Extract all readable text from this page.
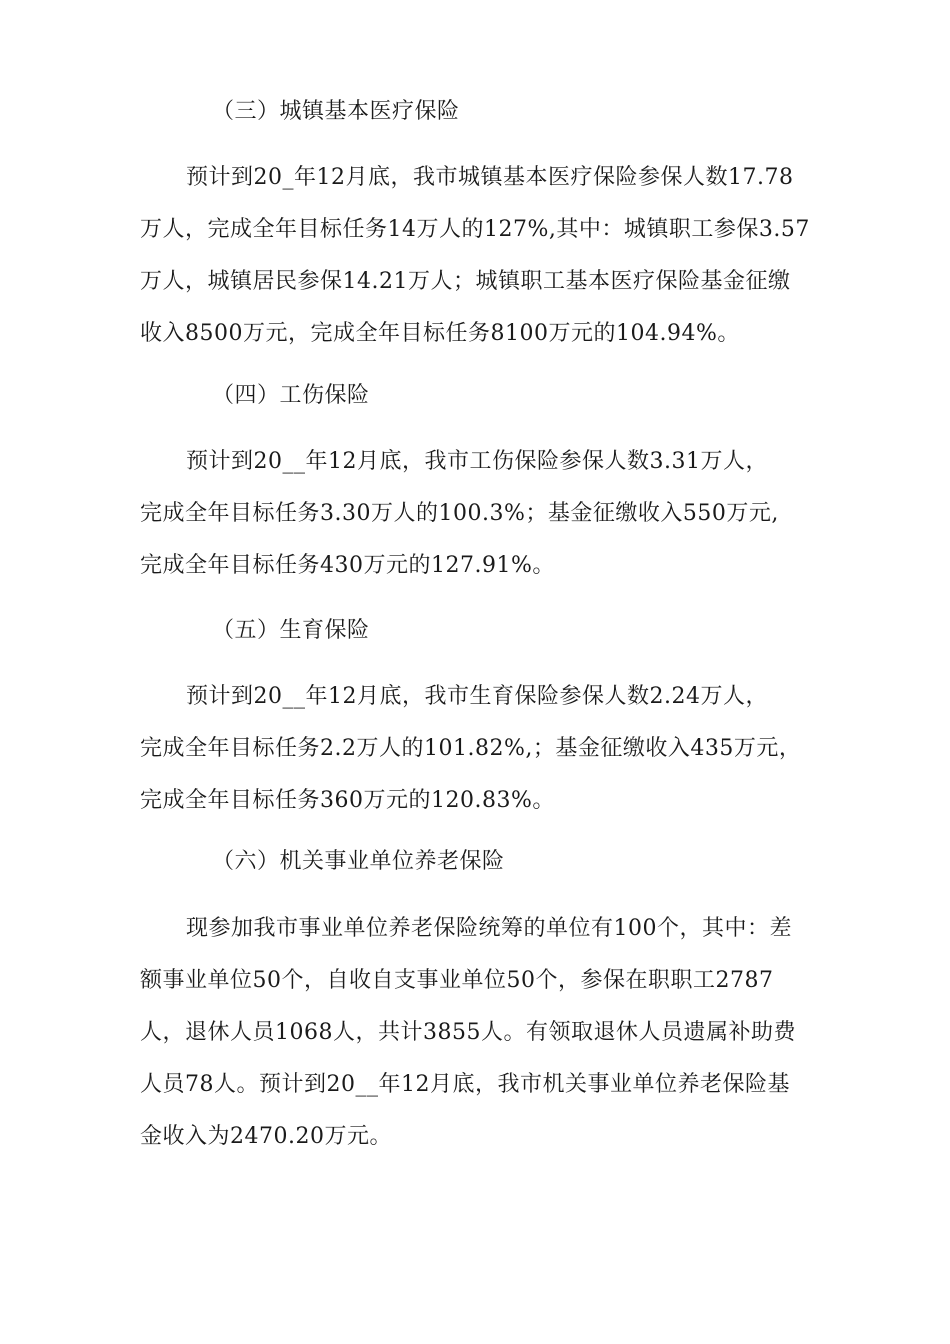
（三）城镇基本医疗保险
预计到20_年12月底，我市城镇基本医疗保险参保人数17.78
万人，完成全年目标任务14万人的127%,其中：城镇职工参保3.57
万人，城镇居民参保14.21万人；城镇职工基本医疗保险基金征缴
收入8500万元，完成全年目标任务8100万元的104.94%。
（四）工伤保险
预计到20__年12月底，我市工伤保险参保人数3.31万人，
完成全年目标任务3.30万人的100.3%；基金征缴收入550万元,
完成全年目标任务430万元的127.91%。
（五）生育保险
预计到20__年12月底，我市生育保险参保人数2.24万人，
完成全年目标任务2.2万人的101.82%,；基金征缴收入435万元，
完成全年目标任务360万元的120.83%。
（六）机关事业单位养老保险
现参加我市事业单位养老保险统筹的单位有100个，其中：差
额事业单位50个，自收自支事业单位50个，参保在职职工2787
人，退休人员1068人，共计3855人。有领取退休人员遗属补助费
人员78人。预计到20__年12月底，我市机关事业单位养老保险基
金收入为2470.20万元。
